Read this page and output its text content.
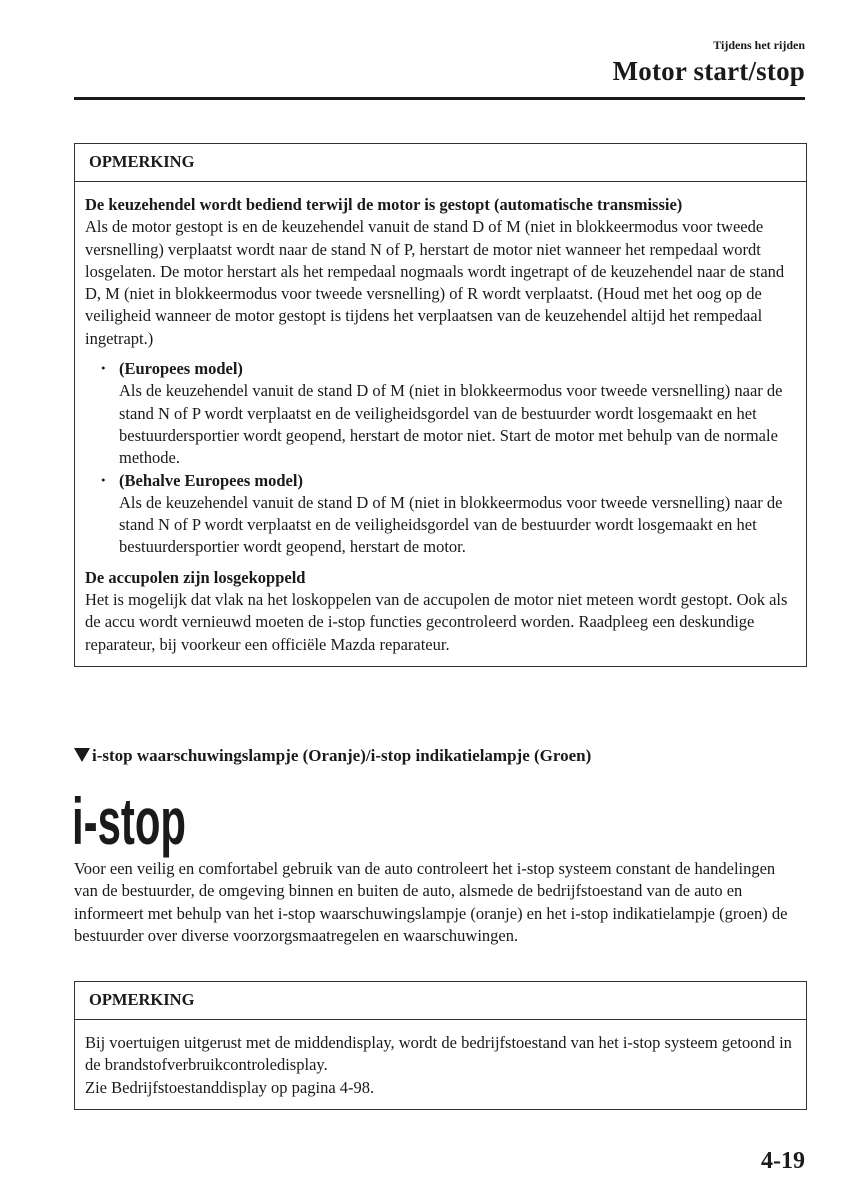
Tijdens het rijden
Motor start/stop
OPMERKING

De keuzehendel wordt bediend terwijl de motor is gestopt (automatische transmissie)

Als de motor gestopt is en de keuzehendel vanuit de stand D of M (niet in blokkeermodus voor tweede versnelling) verplaatst wordt naar de stand N of P, herstart de motor niet wanneer het rempedaal wordt losgelaten. De motor herstart als het rempedaal nogmaals wordt ingetrapt of de keuzehendel naar de stand D, M (niet in blokkeermodus voor tweede versnelling) of R wordt verplaatst. (Houd met het oog op de veiligheid wanneer de motor gestopt is tijdens het verplaatsen van de keuzehendel altijd het rempedaal ingetrapt.)

・ (Europees model)

Als de keuzehendel vanuit de stand D of M (niet in blokkeermodus voor tweede versnelling) naar de stand N of P wordt verplaatst en de veiligheidsgordel van de bestuurder wordt losgemaakt en het bestuurdersportier wordt geopend, herstart de motor niet. Start de motor met behulp van de normale methode.

・ (Behalve Europees model)

Als de keuzehendel vanuit de stand D of M (niet in blokkeermodus voor tweede versnelling) naar de stand N of P wordt verplaatst en de veiligheidsgordel van de bestuurder wordt losgemaakt en het bestuurdersportier wordt geopend, herstart de motor.

De accupolen zijn losgekoppeld

Het is mogelijk dat vlak na het loskoppelen van de accupolen de motor niet meteen wordt gestopt. Ook als de accu wordt vernieuwd moeten de i-stop functies gecontroleerd worden. Raadpleeg een deskundige reparateur, bij voorkeur een officiële Mazda reparateur.

i-stop waarschuwingslampje (Oranje)/i-stop indikatielampje (Groen)
i-stop

Voor een veilig en comfortabel gebruik van de auto controleert het i-stop systeem constant de handelingen van de bestuurder, de omgeving binnen en buiten de auto, alsmede de bedrijfstoestand van de auto en informeert met behulp van het i-stop waarschuwingslampje (oranje) en het i-stop indikatielampje (groen) de bestuurder over diverse voorzorgsmaatregelen en waarschuwingen.

OPMERKING

Bij voertuigen uitgerust met de middendisplay, wordt de bedrijfstoestand van het i-stop systeem getoond in de brandstofverbruikcontroledisplay.

Zie Bedrijfstoestanddisplay op pagina 4-98.

4-19
